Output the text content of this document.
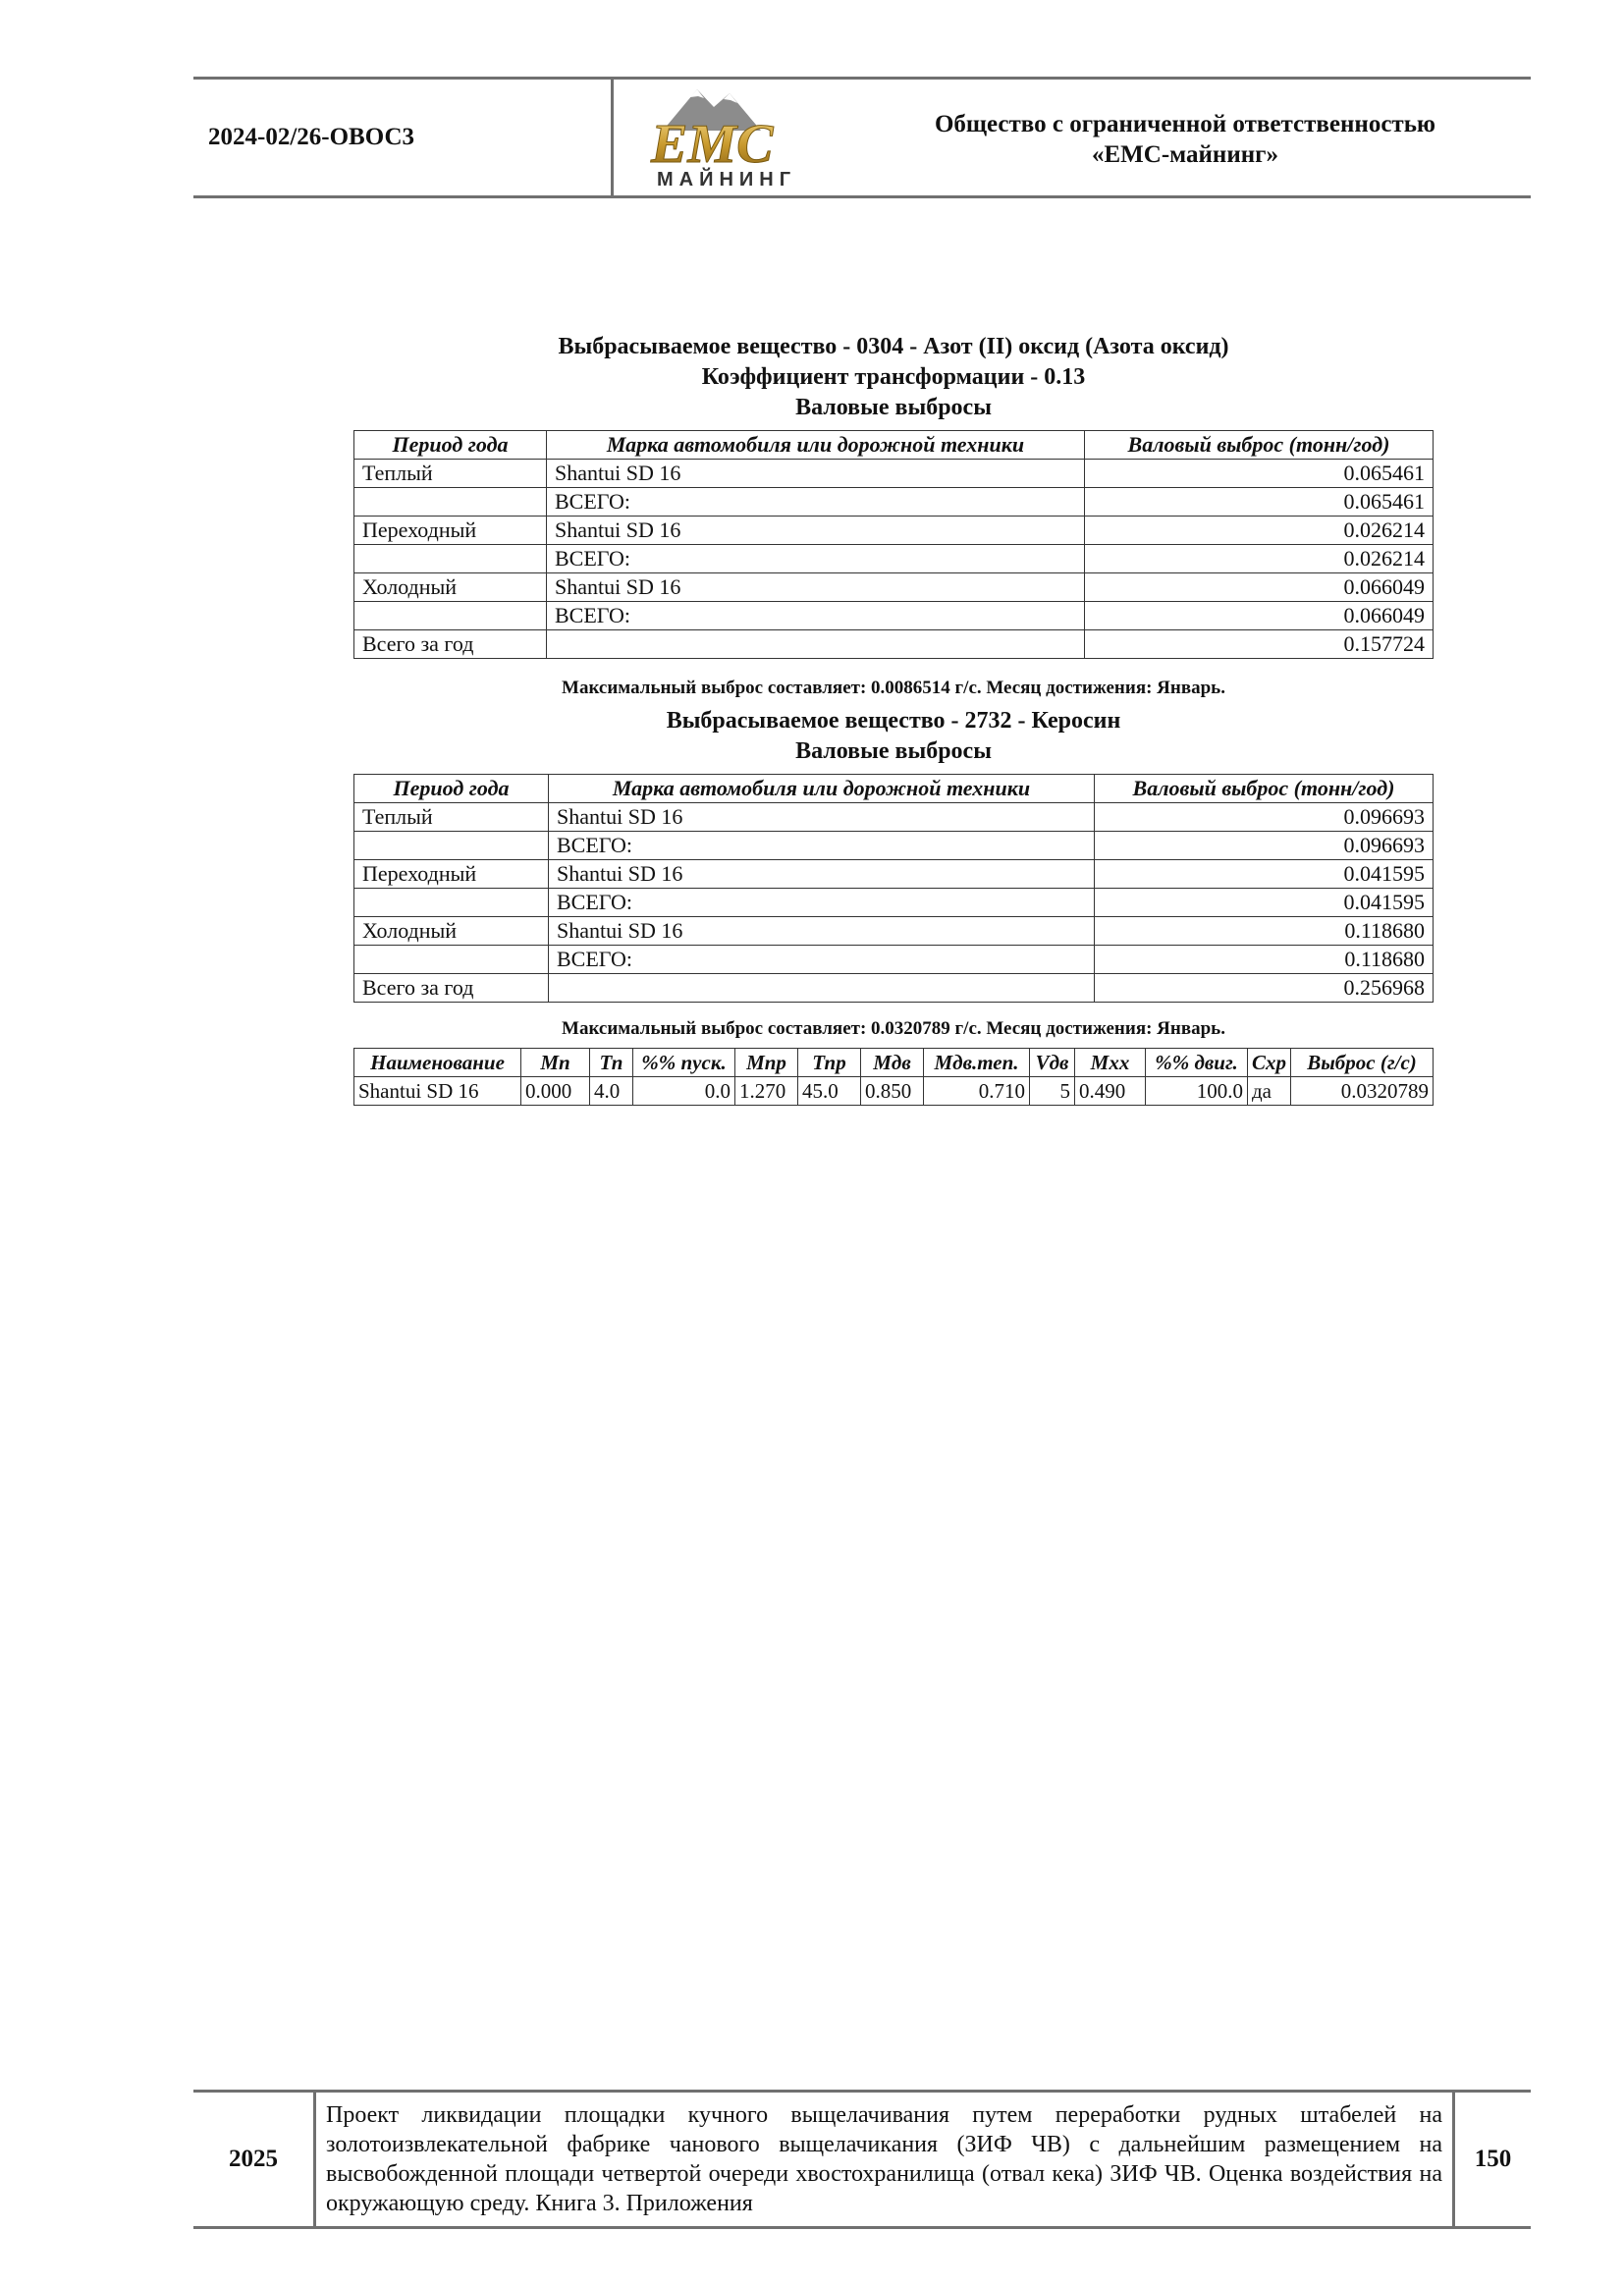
2024-02/26-ОВОС3	ЕМС
МАЙНИНГ
Общество с ограниченной ответственностью
«ЕМС-майнинг»
Выбрасываемое вещество - 0304 - Азот (II) оксид (Азота оксид)
Коэффициент трансформации - 0.13
Валовые выбросы
Период года	Марка автомобиля или дорожной техники	Валовый выброс (тонн/год)
Теплый	Shantui SD 16	0.065461
	ВСЕГО:	0.065461
Переходный	Shantui SD 16	0.026214
	ВСЕГО:	0.026214
Холодный	Shantui SD 16	0.066049
	ВСЕГО:	0.066049
Всего за год		0.157724
Максимальный выброс составляет: 0.0086514 г/с. Месяц достижения: Январь.
Выбрасываемое вещество - 2732 - Керосин
Валовые выбросы
Период года	Марка автомобиля или дорожной техники	Валовый выброс (тонн/год)
Теплый	Shantui SD 16	0.096693
	ВСЕГО:	0.096693
Переходный	Shantui SD 16	0.041595
	ВСЕГО:	0.041595
Холодный	Shantui SD 16	0.118680
	ВСЕГО:	0.118680
Всего за год		0.256968
Максимальный выброс составляет: 0.0320789 г/с. Месяц достижения: Январь.
Наименование	Мп	Тп	%% пуск.	Мпр	Тпр	Мдв	Мдв.теп.	Vдв	Мхх	%% двиг.	Схр	Выброс (г/с)
Shantui SD 16	0.000	4.0	0.0	1.270	45.0	0.850	0.710	5	0.490	100.0	да	0.0320789
2025
Проект ликвидации площадки кучного выщелачивания путем переработки рудных штабелей на золотоизвлекательной фабрике чанового выщелачикания (ЗИФ ЧВ) с дальнейшим размещением на высвобожденной площади четвертой очереди хвостохранилища (отвал кека) ЗИФ ЧВ. Оценка воздействия на окружающую среду. Книга 3. Приложения
150
